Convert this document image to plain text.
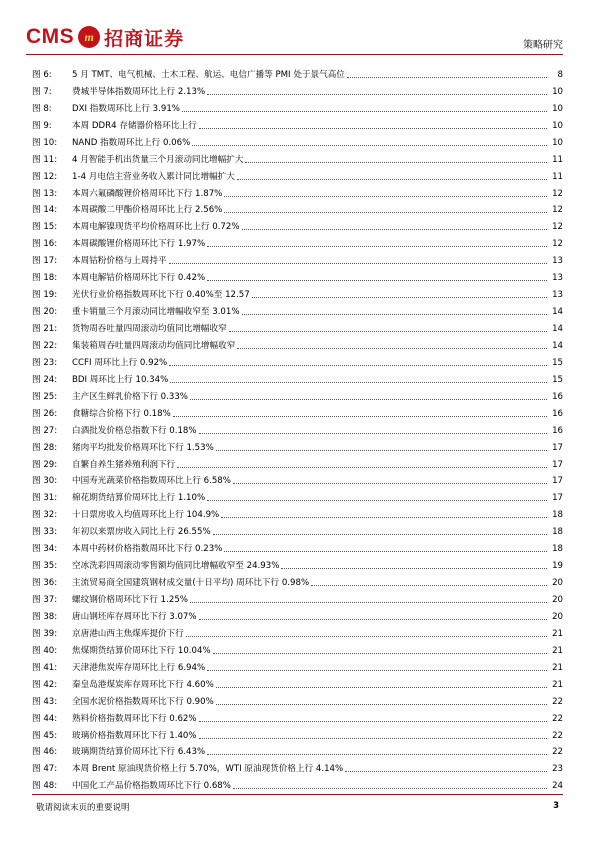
CMS m 招商证券	策略研究
图 6:	5 月 TMT、电气机械、土木工程、航运、电信广播等 PMI 处于景气高位	8
图 7:	费城半导体指数周环比上行 2.13%	10
图 8:	DXI 指数周环比上行 3.91%	10
图 9:	本周 DDR4 存储器价格环比上行	10
图 10:	NAND 指数周环比上行 0.06%	10
图 11:	4 月智能手机出货量三个月滚动同比增幅扩大	11
图 12:	1-4 月电信主营业务收入累计同比增幅扩大	11
图 13:	本周六氟磷酸锂价格周环比下行 1.87%	12
图 14:	本周碳酸二甲酯价格周环比上行 2.56%	12
图 15:	本周电解镍现货平均价格周环比上行 0.72%	12
图 16:	本周碳酸锂价格周环比下行 1.97%	12
图 17:	本周钴粉价格与上周持平	13
图 18:	本周电解钴价格周环比下行 0.42%	13
图 19:	光伏行业价格指数周环比下行 0.40%至 12.57	13
图 20:	重卡销量三个月滚动同比增幅收窄至 3.01%	14
图 21:	货物周吞吐量四周滚动均值同比增幅收窄	14
图 22:	集装箱周吞吐量四周滚动均值同比增幅收窄	14
图 23:	CCFI 周环比上行 0.92%	15
图 24:	BDI 周环比上行 10.34%	15
图 25:	主产区生鲜乳价格下行 0.33%	16
图 26:	食糖综合价格下行 0.18%	16
图 27:	白酒批发价格总指数下行 0.18%	16
图 28:	猪肉平均批发价格周环比下行 1.53%	17
图 29:	自繁自养生猪养殖利润下行	17
图 30:	中国寿光蔬菜价格指数周环比上行 6.58%	17
图 31:	棉花期货结算价周环比上行 1.10%	17
图 32:	十日票房收入均值周环比上行 104.9%	18
图 33:	年初以来票房收入同比上行 26.55%	18
图 34:	本周中药材价格指数周环比下行 0.23%	18
图 35:	空冰洗彩四周滚动零售额均值同比增幅收窄至 24.93%	19
图 36:	主流贸易商全国建筑钢材成交量(十日平均) 周环比下行 0.98%	20
图 37:	螺纹钢价格周环比下行 1.25%	20
图 38:	唐山钢坯库存周环比下行 3.07%	20
图 39:	京唐港山西主焦煤库提价下行	21
图 40:	焦煤期货结算价周环比下行 10.04%	21
图 41:	天津港焦炭库存周环比上行 6.94%	21
图 42:	秦皇岛港煤炭库存周环比下行 4.60%	21
图 43:	全国水泥价格指数周环比下行 0.90%	22
图 44:	熟料价格指数周环比下行 0.62%	22
图 45:	玻璃价格指数周环比下行 1.40%	22
图 46:	玻璃期货结算价周环比下行 6.43%	22
图 47:	本周 Brent 原油现货价格上行 5.70%，WTI 原油现货价格上行 4.14%	23
图 48:	中国化工产品价格指数周环比下行 0.68%	24
敬请阅读末页的重要说明	3
